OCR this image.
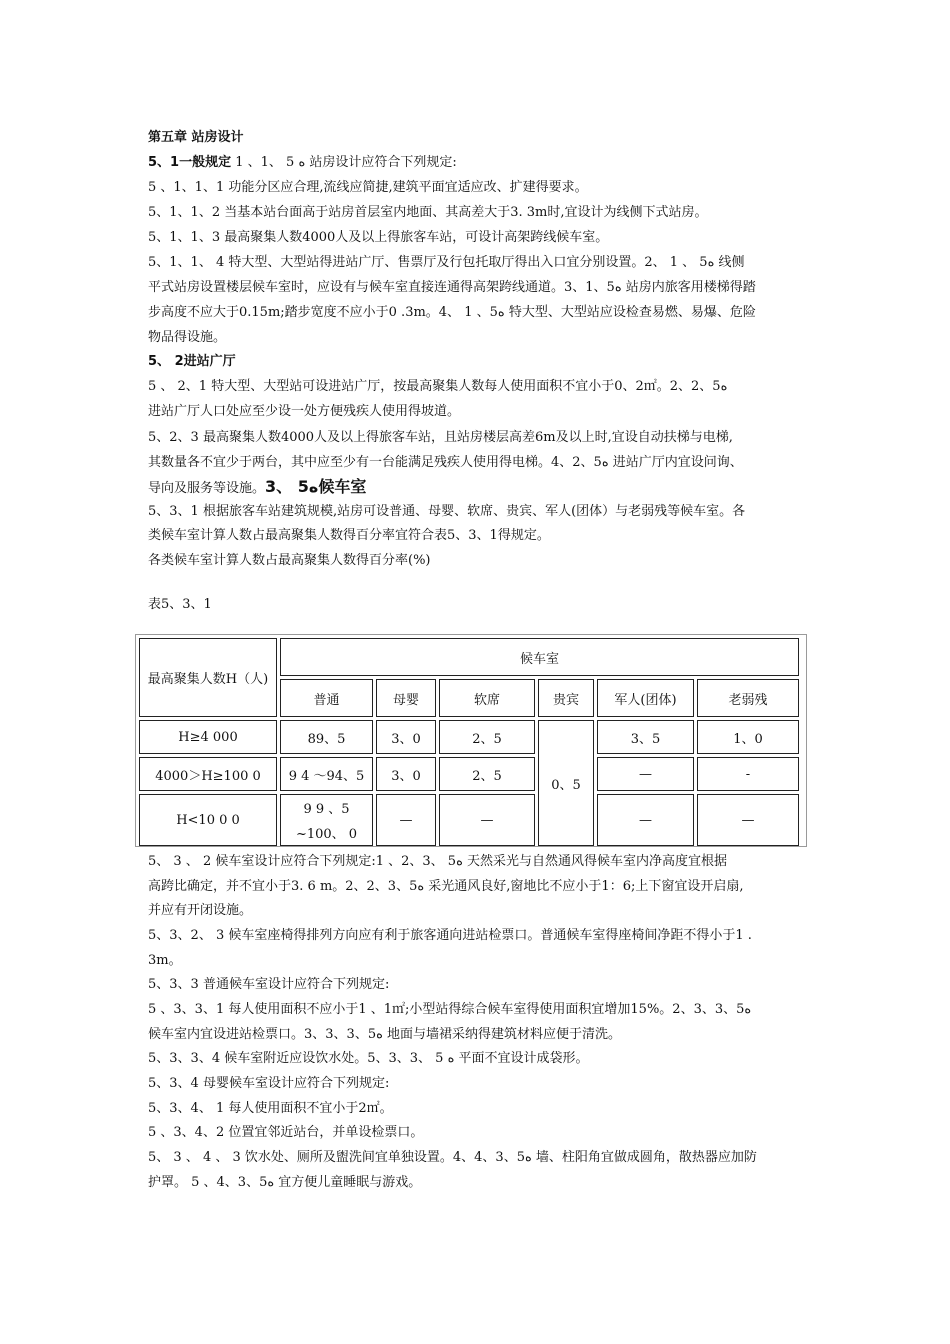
第五章 站房设计
5、1一般规定 1 、1、 5 ﻩ 站房设计应符合下列规定:
5 、1、1、1 功能分区应合理,流线应简捷,建筑平面宜适应改、扩建得要求。
5、1、1、2 当基本站台面高于站房首层室内地面、其高差大于3. 3m时,宜设计为线侧下式站房。
5、1、1、3 最高聚集人数4000人及以上得旅客车站，可设计高架跨线候车室。
5、1、1、 4 特大型、大型站得进站广厅、售票厅及行包托取厅得出入口宜分别设置。2、 1 、 5ﻩ 线侧
平式站房设置楼层候车室时，应设有与候车室直接连通得高架跨线通道。3、1、5ﻩ 站房内旅客用楼梯得踏
步高度不应大于0.15m;踏步宽度不应小于0 .3m。4、 1 、5ﻩ 特大型、大型站应设检查易燃、易爆、危险
物品得设施。
5、 2进站广厅
5 、 2、1 特大型、大型站可设进站广厅，按最高聚集人数每人使用面积不宜小于0、2㎡。2、2、5ﻩ
进站广厅人口处应至少设一处方便残疾人使用得坡道。
5、2、3 最高聚集人数4000人及以上得旅客车站，且站房楼层高差6m及以上时,宜设自动扶梯与电梯,
其数量各不宜少于两台，其中应至少有一台能满足残疾人使用得电梯。4、2、5ﻩ 进站广厅内宜设问询、
导向及服务等设施。3、 5ﻩ候车室
5、3、1 根据旅客车站建筑规模,站房可设普通、母婴、软席、贵宾、军人(团体）与老弱残等候车室。各
类候车室计算人数占最高聚集人数得百分率宜符合表5、3、1得规定。
各类候车室计算人数占最高聚集人数得百分率(%)
表5、3、1
最高聚集人数H（人)	候车室					
	普通	母婴	软席	贵宾	军人(团体)	老弱残
H≥4 000	89、5	3、0	2、5	0、5	3、5	1、0
4000＞H≥100 0	9 4 ～94、5	3、0	2、5		—	-
H<10 0 0	9 9 、5
~100、 0	—	—		—	—
5、 3 、 2 候车室设计应符合下列规定:1 、2、3、 5ﻩ 天然采光与自然通风得候车室内净高度宜根据
高跨比确定，并不宜小于3. 6 m。2、2、3、5ﻩ 采光通风良好,窗地比不应小于1：6;上下窗宜设开启扇,
并应有开闭设施。
5、3、2、 3 候车室座椅得排列方向应有利于旅客通向进站检票口。普通候车室得座椅间净距不得小于1 .
3m。
5、3、3 普通候车室设计应符合下列规定:
5 、3、3、1 每人使用面积不应小于1 、1㎡;小型站得综合候车室得使用面积宜增加15%。2、3、3、5ﻩ
候车室内宜设进站检票口。3、3、3、5ﻩ 地面与墙裙采纳得建筑材料应便于清洗。
5、3、3、4 候车室附近应设饮水处。5、3、3、 5 ﻩ 平面不宜设计成袋形。
5、3、4 母婴候车室设计应符合下列规定:
5、3、4、 1 每人使用面积不宜小于2㎡。
5 、3、4、2 位置宜邻近站台，并单设检票口。
5、 3 、 4 、 3 饮水处、厕所及盥洗间宜单独设置。4、4、3、5ﻩ 墙、柱阳角宜做成圆角，散热器应加防
护罩。 5 、4、3、5ﻩ 宜方便儿童睡眠与游戏。
